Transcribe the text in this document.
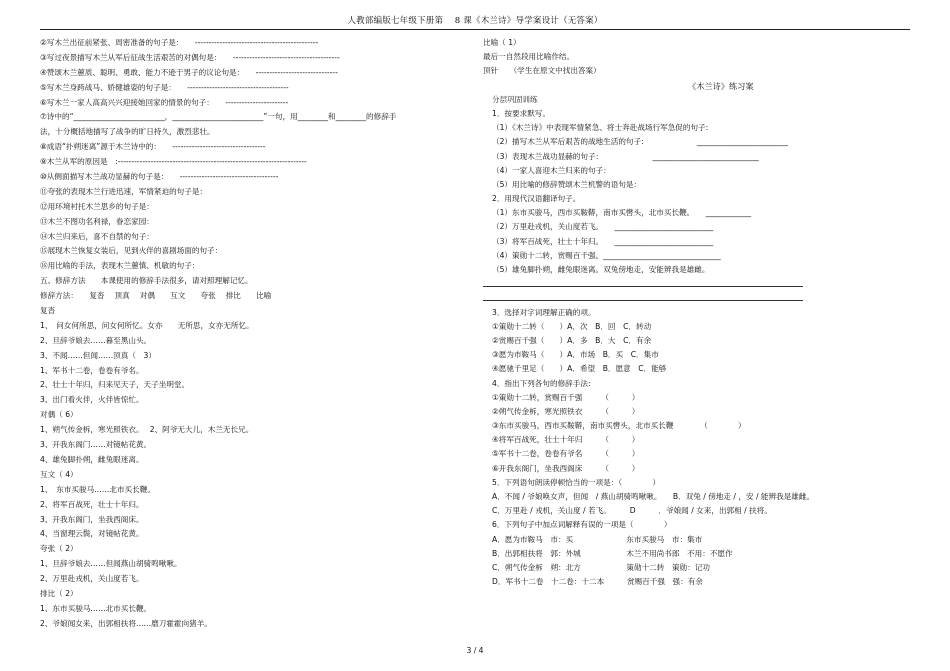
人教部编版七年级下册第　 8 课《木兰诗》导学案设计（无答案）
②写木兰出征前紧张、周密准备的句子是：　　---------------------------------------------
③写过夜景描写木兰从军后征战生活艰苦的对偶句是：　　---------------------------------------
④赞颂木兰蕙质、聪明、勇敢、能力不逊于男子的议论句是：　　------------------------------
⑤写木兰身跨战马、娇健雄姿的句子是：　　-------------------------------------
⑥写木兰一家人高高兴兴迎接她回家的情景的句子：　　-----------------------
⑦诗中的“________________________，________________________”一句，用________和________的修辞手
法，十分概括地描写了战争的旷日持久，激烈悲壮。
⑧成语“扑朔迷离”源于木兰诗中的：　　----------------------------------
⑨木兰从军的原因是　:---------------------------------------------------------------------
⑩从侧面描写木兰战功显赫的句子是：　　------------------------------------
⑪夸张的表现木兰行进迅速，军情紧迫的句子是：
⑫用环境衬托木兰思乡的句子是：
⑬木兰不图功名利禄，眷恋家园：
⑭木兰归来后，喜不自禁的句子：
⑮展现木兰恢复女装后，见到火伴的喜剧场面的句子：
⑯用比喻的手法，表现木兰蕙慎、机敏的句子：
五、修辞方法　　本课使用的修辞手法很多，请对照理解记忆。
修辞方法：　　复沓　 顶真　 对偶　　互文　　夸张　 排比　　比喻
复沓
1、　问女何所思，问女何所忆。女亦　　无所思，女亦无所忆。
2、旦辞爷娘去……暮至黑山头。
3、不闻……但闻……顶真（　3）
1、军书十二卷，卷卷有爷名。
2、壮士十年归，归来见天子，天子坐明堂。
3、出门看火伴，火伴皆惊忙。
对偶（ 6）
1、朔气传金柝，寒光照铁衣。　 2、阿爷无大儿，木兰无长兄。
3、开我东阁门……对镜帖花黄。
4、雄兔脚扑朔，雌兔眼迷离。
互文（ 4）
1、　东市买骏马……北市买长鞭。
2、将军百战死，壮士十年归。
3、开我东阁门，坐我西阁床。
4、当窗理云鬓，对镜帖花黄。
夸张（ 2）
1、旦辞爷娘去……但闻燕山胡骑鸣啾啾。
2、万里赴戎机，关山度若飞。
排比（ 2）
1、东市买骏马……北市买长鞭。
2、爷娘闻女来，出郭相扶将……磨刀霍霍向猪羊。
比喻（ 1）
最后一自然段用比喻作结。
顶针　　（学生在原文中找出答案）
《木兰诗》练习案
分层巩固训练
1．按要求默写。
（1）《木兰诗》中表现军情紧急、将士奔赴战场行军急促的句子:
（2）描写木兰从军后艰苦的战地生活的句子:　　　　　　　________________________
（3）表现木兰战功显赫的句子：　　　　　　　____________________________
（4）一家人喜迎木兰归来的句子：
（5）用比喻的修辞赞颂木兰机警的语句是：
2．用现代汉语翻译句子。
（1）东市买骏马，西市买鞍鞯，南市买辔头，北市买长鞭。　　____________
（2）万里赴戎机，关山度若飞。　　__________________________
（3）将军百战死，壮士十年归。　　__________________________
（4）策勋十二转，赏赐百千强。_______________________________
（5）雄兔脚扑朔，雌兔眼迷离。双兔傍地走，安能辨我是雄雌。
　　　　　　　　　　　　　　　　　　　　　　　　　　　　 ＿＿
3．选择对字词理解正确的项。
①策勋十二转（　　）A．次　B．回　C．转动
②赏赐百千强（　　）A．多　B．大　C．有余
③愿为市鞍马（　　）A．市场　B．买　C．集市
④愿驰千里足（　　）A．希望　B．愿意　C．能够
4．指出下列各句的修辞手法:
①策勋十二转，赏赐百千强　　　（　　　）
②朔气传金柝，寒光照铁衣　　　（　　　）
③东市买骏马，西市买鞍鞯，南市买辔头，北市买长鞭　　　　（　　　　）
④将军百战死，壮士十年归　　　（　　　）
⑤军书十二卷，卷卷有爷名　　　（　　　）
⑥开我东阁门，坐我西阁床　　　（　　　）
5．下列语句朗读停顿恰当的一项是：（　　　　）
A．不闻 / 爷娘唤女声，但闻　/ 燕山胡骑鸣啾啾。　　B．双兔 / 傍地走 / ，安 / 能辨我是雄雌。
C．万里赴 / 戎机，关山度 / 若飞。　　　D　　　．爷娘闻 / 女来，出郭相 / 扶将。
6．下列句子中加点词解释有误的一项是（　　　　）
A．愿为市鞍马　市：买　　　　　　　东市买骏马　市：集市
B．出郭相扶将　郭：外城　　　　　　木兰不用尚书郎　不用：不愿作
C．朔气传金柝　朔：北方　　　　　　策勋十二转　策勋：记功
D．军书十二卷　十二卷：十二本　　　赏赐百千强　强：有余
3 / 4
